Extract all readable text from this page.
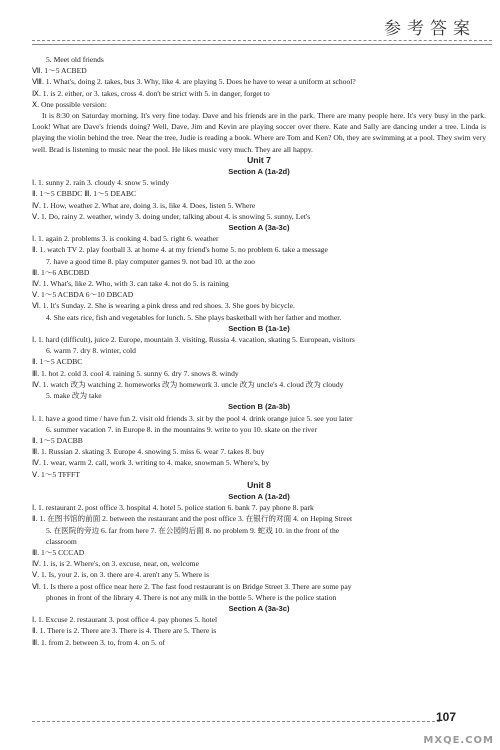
参考答案
5. Meet old friends
Ⅶ. 1～5 ACBED
Ⅷ. 1. What's, doing 2. takes, bus 3. Why, like 4. are playing 5. Does he have to wear a uniform at school?
Ⅸ. 1. is 2. either, or 3. takes, cross 4. don't be strict with 5. in danger, forget to
Ⅹ. One possible version:
It is 8:30 on Saturday morning. It's very fine today. Dave and his friends are in the park. There are many people here. It's very busy in the park. Look! What are Dave's friends doing? Well, Dave, Jim and Kevin are playing soccer over there. Kate and Sally are dancing under a tree. Linda is playing the violin behind the tree. Near the tree, Judie is reading a book. Where are Tom and Ken? Oh, they are swimming at a pool. They swim very well. Brad is listening to music near the pool. He likes music very much. They are all happy.
Unit 7
Section A (1a-2d)
Ⅰ. 1. sunny 2. rain 3. cloudy 4. snow 5. windy
Ⅱ. 1～5 CBBDC Ⅲ. 1～5 DEABC
Ⅳ. 1. How, weather 2. What are, doing 3. is, like 4. Does, listen 5. Where
Ⅴ. 1. Do, rainy 2. weather, windy 3. doing under, talking about 4. is snowing 5. sunny, Let's
Section A (3a-3c)
Ⅰ. 1. again 2. problems 3. is cooking 4. bad 5. right 6. weather
Ⅱ. 1. watch TV 2. play football 3. at home 4. at my friend's home 5. no problem 6. take a message
7. have a good time 8. play computer games 9. not bad 10. at the zoo
Ⅲ. 1～6 ABCDBD
Ⅳ. 1. What's, like 2. Who, with 3. can take 4. not do 5. is raining
Ⅴ. 1～5 ACBDA 6～10 DBCAD
Ⅵ. 1. It's Sunday. 2. She is wearing a pink dress and red shoes. 3. She goes by bicycle.
4. She eats rice, fish and vegetables for lunch. 5. She plays basketball with her father and mother.
Section B (1a-1e)
Ⅰ. 1. hard (difficult), juice 2. Europe, mountain 3. visiting, Russia 4. vacation, skating 5. European, visitors
6. warm 7. dry 8. winter, cold
Ⅱ. 1～5 ACDBC
Ⅲ. 1. hot 2. cold 3. cool 4. raining 5. sunny 6. dry 7. snows 8. windy
Ⅳ. 1. watch 改为 watching 2. homeworks 改为 homework 3. uncle 改为 uncle's 4. cloud 改为 cloudy
5. make 改为 take
Section B (2a-3b)
Ⅰ. 1. have a good time / have fun 2. visit old friends 3. sit by the pool 4. drink orange juice 5. see you later
6. summer vacation 7. in Europe 8. in the mountains 9. write to you 10. skate on the river
Ⅱ. 1～5 DACBB
Ⅲ. 1. Russian 2. skating 3. Europe 4. snowing 5. miss 6. wear 7. takes 8. buy
Ⅳ. 1. wear, warm 2. call, work 3. writing to 4. make, snowman 5. Where's, by
Ⅴ. 1～5 TFFFT
Unit 8
Section A (1a-2d)
Ⅰ. 1. restaurant 2. post office 3. hospital 4. hotel 5. police station 6. bank 7. pay phone 8. park
Ⅱ. 1. 在图书馆的前面 2. between the restaurant and the post office 3. 在银行的对面 4. on Heping Street
5. 在医院的旁边 6. far from here 7. 在公园的后面 8. no problem 9. 蛇戏 10. in the front of the
classroom
Ⅲ. 1～5 CCCAD
Ⅳ. 1. is, is 2. Where's, on 3. excuse, near, on, welcome
Ⅴ. 1. Is, your 2. is, on 3. there are 4. aren't any 5. Where is
Ⅵ. 1. Is there a post office near here 2. The fast food restaurant is on Bridge Street 3. There are some pay
phones in front of the library 4. There is not any milk in the bottle 5. Where is the police station
Section A (3a-3c)
Ⅰ. 1. Excuse 2. restaurant 3. post office 4. pay phones 5. hotel
Ⅱ. 1. There is 2. There are 3. There is 4. There are 5. There is
Ⅲ. 1. from 2. between 3. to, from 4. on 5. of
107
MXQE.COM
